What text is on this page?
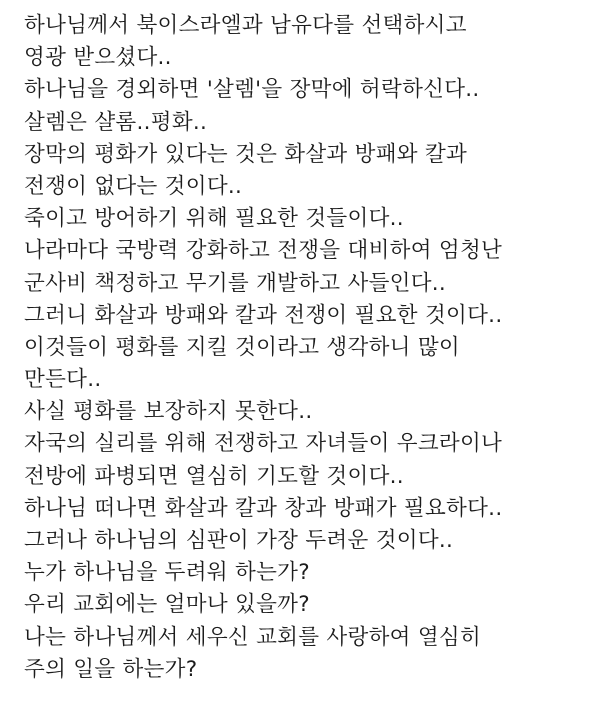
하나님께서 북이스라엘과 남유다를 선택하시고
영광 받으셨다..
하나님을 경외하면 '살렘'을 장막에 허락하신다..
살렘은 샬롬..평화..
장막의 평화가 있다는 것은 화살과 방패와 칼과
전쟁이 없다는 것이다..
죽이고 방어하기 위해 필요한 것들이다..
나라마다 국방력 강화하고 전쟁을 대비하여 엄청난
군사비 책정하고 무기를 개발하고 사들인다..
그러니 화살과 방패와 칼과 전쟁이 필요한 것이다..
이것들이 평화를 지킬 것이라고 생각하니 많이
만든다..
사실 평화를 보장하지 못한다..
자국의 실리를 위해 전쟁하고 자녀들이 우크라이나
전방에 파병되면 열심히 기도할 것이다..
하나님 떠나면 화살과 칼과 창과 방패가 필요하다..
그러나 하나님의 심판이 가장 두려운 것이다..
누가 하나님을 두려워 하는가?
우리 교회에는 얼마나 있을까?
나는 하나님께서 세우신 교회를 사랑하여 열심히
주의 일을 하는가?
